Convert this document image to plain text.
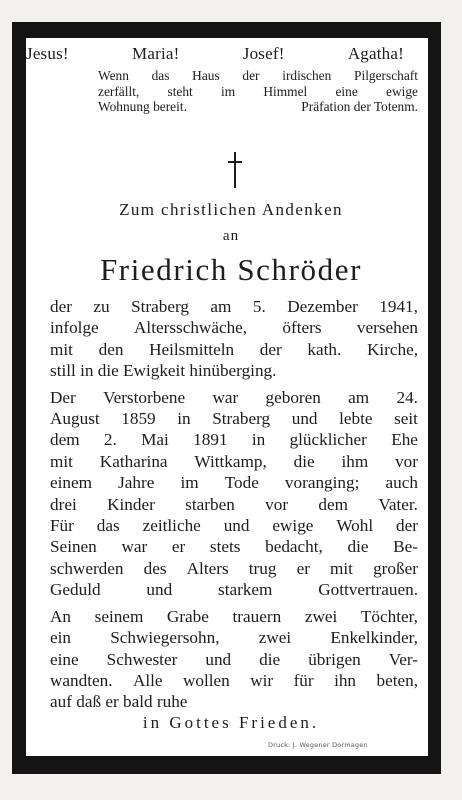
Jesus!	Maria!	Josef!	Agatha!
Wenn das Haus der irdischen Pilgerschaft
zerfällt, steht im Himmel eine ewige
Wohnung bereit.	Präfation der Totenm.
Zum christlichen Andenken
an
Friedrich Schröder
der zu Straberg am 5. Dezember 1941,
infolge Altersschwäche, öfters versehen
mit den Heilsmitteln der kath. Kirche,
still in die Ewigkeit hinüberging.
Der Verstorbene war geboren am 24.
August 1859 in Straberg und lebte seit
dem 2. Mai 1891 in glücklicher Ehe
mit Katharina Wittkamp, die ihm vor
einem Jahre im Tode voranging; auch
drei Kinder starben vor dem Vater.
Für das zeitliche und ewige Wohl der
Seinen war er stets bedacht, die Be-
schwerden des Alters trug er mit großer
Geduld	und	starkem	Gottvertrauen.
An seinem Grabe trauern zwei Töchter,
ein Schwiegersohn, zwei Enkelkinder,
eine Schwester und die übrigen Ver-
wandten. Alle wollen wir für ihn beten,
auf daß er bald ruhe
in Gottes Frieden.
Druck: J. Wegener Dormagen
